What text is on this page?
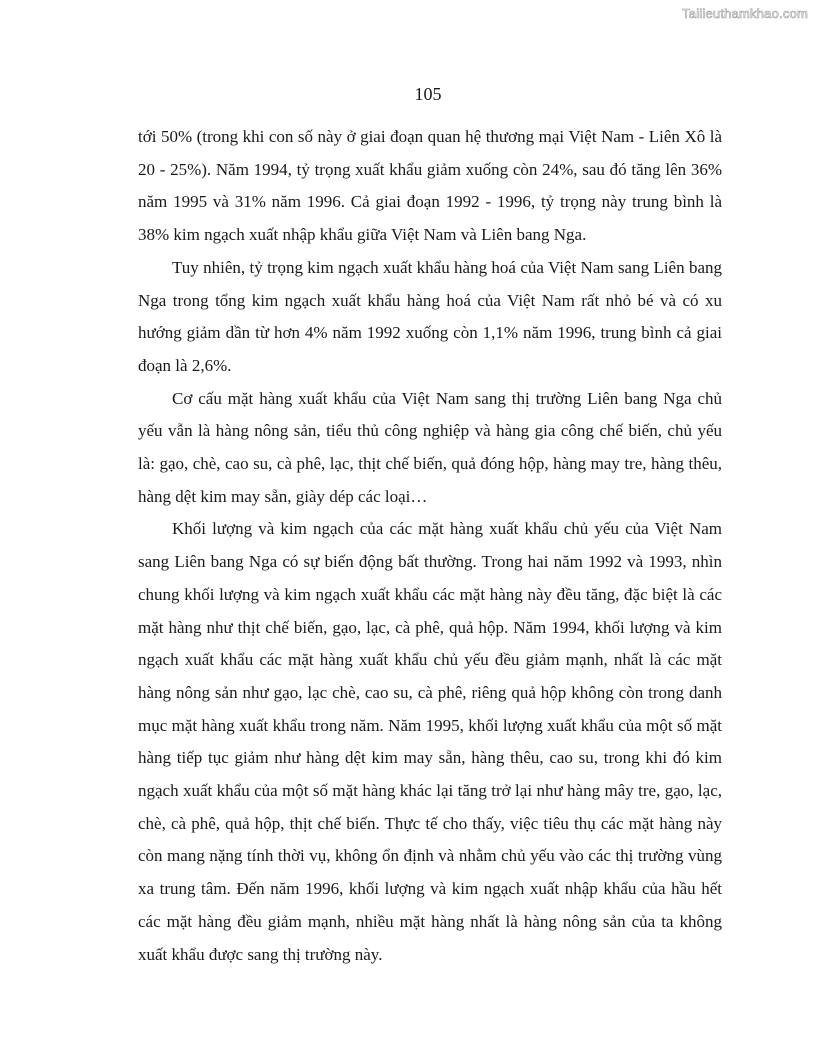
Tailieuthamkhao.com
105

tới 50% (trong khi con số này ở giai đoạn quan hệ thương mại Việt Nam - Liên Xô là 20 - 25%). Năm 1994, tỷ trọng xuất khẩu giảm xuống còn 24%, sau đó tăng lên 36% năm 1995 và 31% năm 1996. Cả giai đoạn 1992 - 1996, tỷ trọng này trung bình là 38% kim ngạch xuất nhập khẩu giữa Việt Nam và Liên bang Nga.

Tuy nhiên, tỷ trọng kim ngạch xuất khẩu hàng hoá của Việt Nam sang Liên bang Nga trong tổng kim ngạch xuất khẩu hàng hoá của Việt Nam rất nhỏ bé và có xu hướng giảm dần từ hơn 4% năm 1992 xuống còn 1,1% năm 1996, trung bình cả giai đoạn là 2,6%.

Cơ cấu mặt hàng xuất khẩu của Việt Nam sang thị trường Liên bang Nga chủ yếu vẫn là hàng nông sản, tiểu thủ công nghiệp và hàng gia công chế biến, chủ yếu là: gạo, chè, cao su, cà phê, lạc, thịt chế biến, quả đóng hộp, hàng may tre, hàng thêu, hàng dệt kim may sẵn, giày dép các loại…

Khối lượng và kim ngạch của các mặt hàng xuất khẩu chủ yếu của Việt Nam sang Liên bang Nga có sự biến động bất thường. Trong hai năm 1992 và 1993, nhìn chung khối lượng và kim ngạch xuất khẩu các mặt hàng này đều tăng, đặc biệt là các mặt hàng như thịt chế biến, gạo, lạc, cà phê, quả hộp. Năm 1994, khối lượng và kim ngạch xuất khẩu các mặt hàng xuất khẩu chủ yếu đều giảm mạnh, nhất là các mặt hàng nông sản như gạo, lạc chè, cao su, cà phê, riêng quả hộp không còn trong danh mục mặt hàng xuất khẩu trong năm. Năm 1995, khối lượng xuất khẩu của một số mặt hàng tiếp tục giảm như hàng dệt kim may sẵn, hàng thêu, cao su, trong khi đó kim ngạch xuất khẩu của một số mặt hàng khác lại tăng trở lại như hàng mây tre, gạo, lạc, chè, cà phê, quả hộp, thịt chế biến. Thực tế cho thấy, việc tiêu thụ các mặt hàng này còn mang nặng tính thời vụ, không ổn định và nhằm chủ yếu vào các thị trường vùng xa trung tâm. Đến năm 1996, khối lượng và kim ngạch xuất nhập khẩu của hầu hết các mặt hàng đều giảm mạnh, nhiều mặt hàng nhất là hàng nông sản của ta không xuất khẩu được sang thị trường này.
